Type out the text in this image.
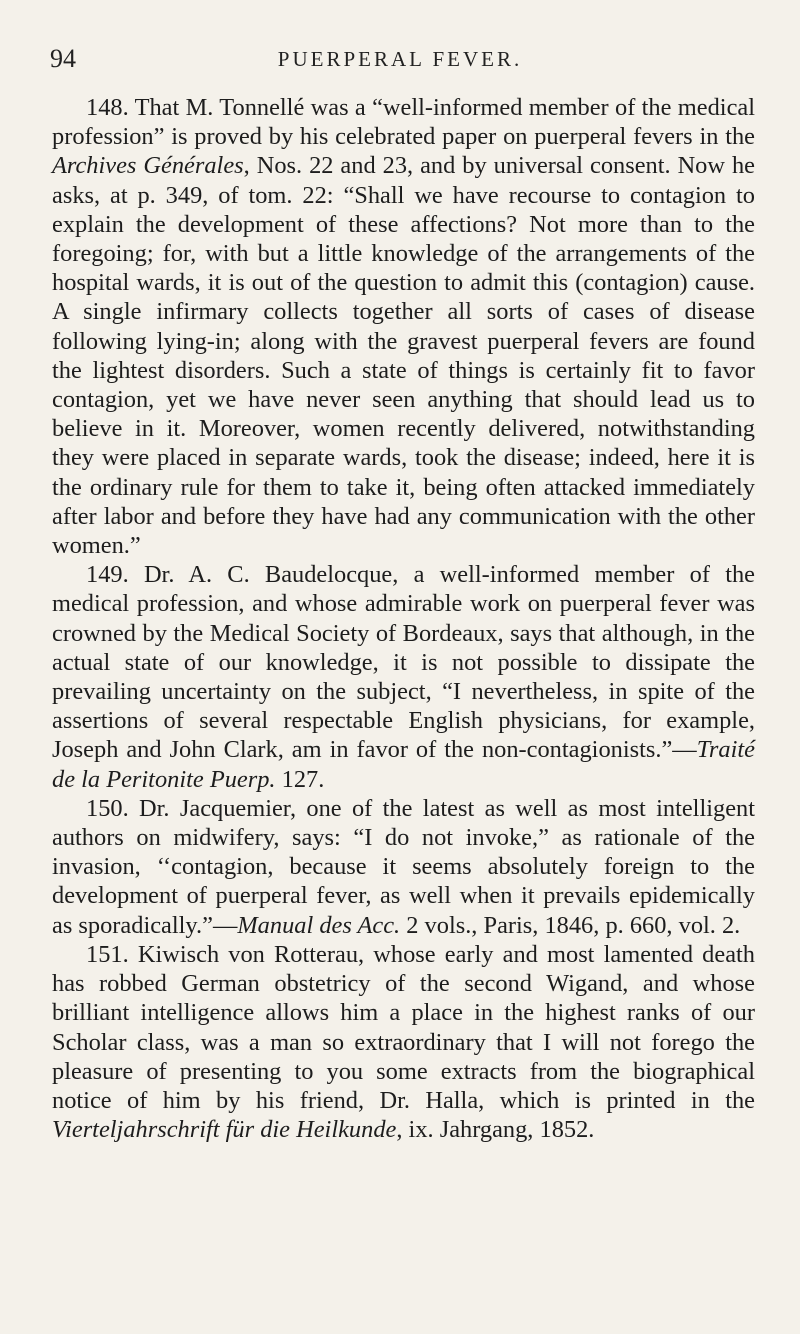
94	PUERPERAL FEVER.

148. That M. Tonnellé was a “well-informed member of the medical profession” is proved by his celebrated paper on puerperal fevers in the Archives Générales, Nos. 22 and 23, and by universal consent. Now he asks, at p. 349, of tom. 22: “Shall we have recourse to contagion to explain the development of these affections? Not more than to the foregoing; for, with but a little knowledge of the arrangements of the hospital wards, it is out of the question to admit this (contagion) cause. A single infirmary collects together all sorts of cases of disease following lying-in; along with the gravest puerperal fevers are found the lightest disorders. Such a state of things is certainly fit to favor contagion, yet we have never seen anything that should lead us to believe in it. Moreover, women recently delivered, notwithstanding they were placed in separate wards, took the disease; indeed, here it is the ordinary rule for them to take it, being often attacked immediately after labor and before they have had any communication with the other women.”

149. Dr. A. C. Baudelocque, a well-informed member of the medical profession, and whose admirable work on puerperal fever was crowned by the Medical Society of Bordeaux, says that although, in the actual state of our knowledge, it is not possible to dissipate the prevailing uncertainty on the subject, “I nevertheless, in spite of the assertions of several respectable English physicians, for example, Joseph and John Clark, am in favor of the non-contagionists.”—Traité de la Peritonite Puerp. 127.

150. Dr. Jacquemier, one of the latest as well as most intelligent authors on midwifery, says: “I do not invoke,” as rationale of the invasion, ‘‘contagion, because it seems absolutely foreign to the development of puerperal fever, as well when it prevails epidemically as sporadically.”—Manual des Acc. 2 vols., Paris, 1846, p. 660, vol. 2.

151. Kiwisch von Rotterau, whose early and most lamented death has robbed German obstetricy of the second Wigand, and whose brilliant intelligence allows him a place in the highest ranks of our Scholar class, was a man so extraordinary that I will not forego the pleasure of presenting to you some extracts from the biographical notice of him by his friend, Dr. Halla, which is printed in the Vierteljahrschrift für die Heilkunde, ix. Jahrgang, 1852.
